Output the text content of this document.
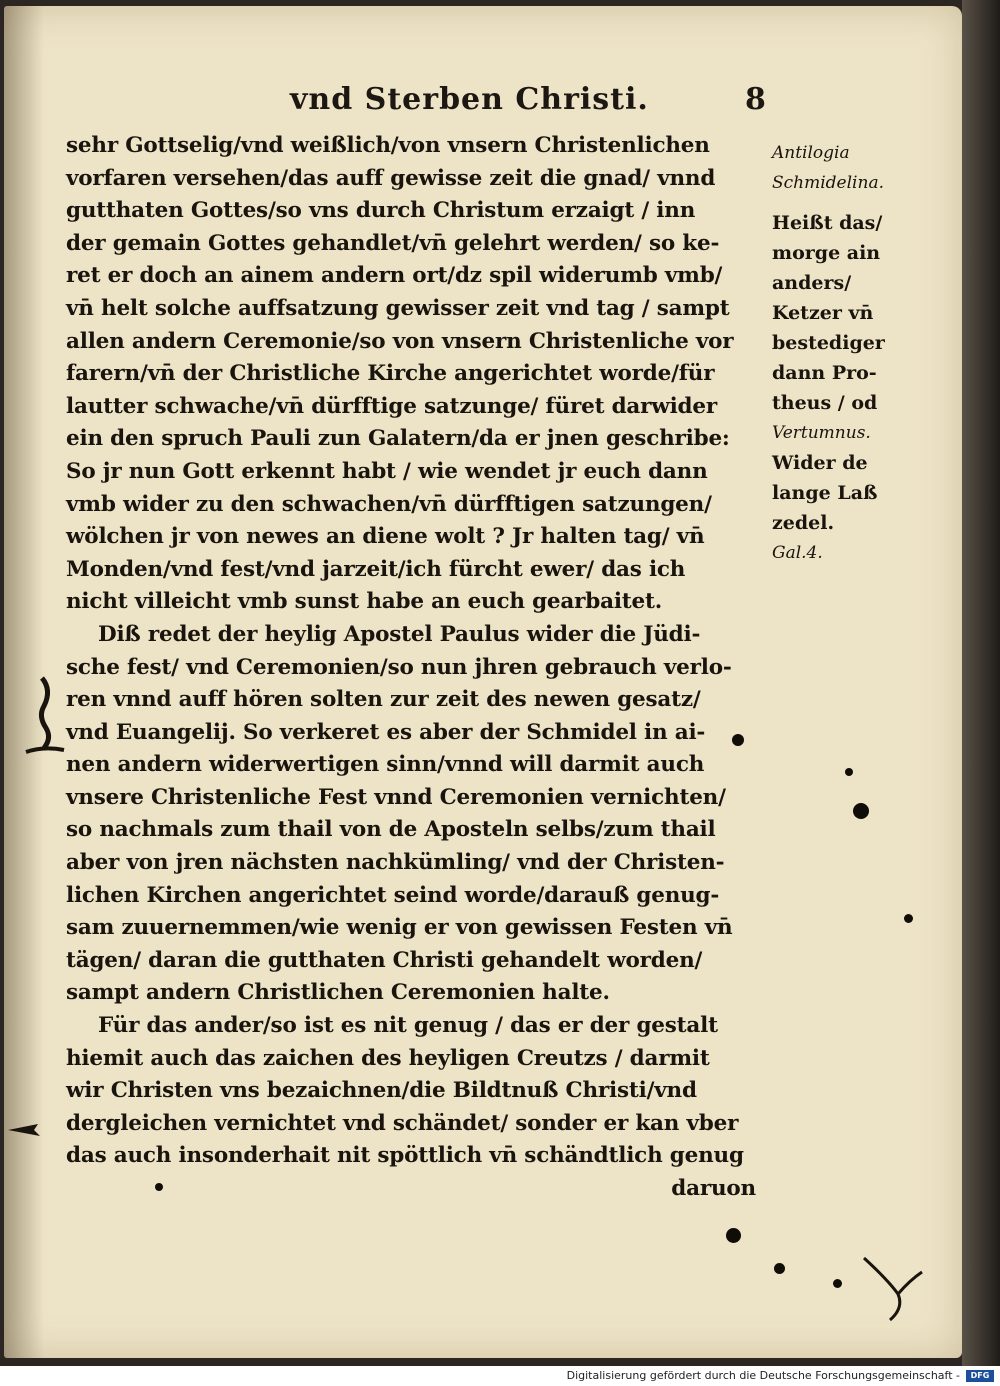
vnd Sterben Christi.	8
sehr Gottselig/vnd weißlich/von vnsern Christenlichen
vorfaren versehen/das auff gewisse zeit die gnad/ vnnd
gutthaten Gottes/so vns durch Christum erzaigt / inn
der gemain Gottes gehandlet/vn̄ gelehrt werden/ so ke-
ret er doch an ainem andern ort/dz spil widerumb vmb/
vn̄ helt solche auffsatzung gewisser zeit vnd tag / sampt
allen andern Ceremonie/so von vnsern Christenliche vor
farern/vn̄ der Christliche Kirche angerichtet worde/für
lautter schwache/vn̄ dürfftige satzunge/ füret darwider
ein den spruch Pauli zun Galatern/da er jnen geschribe:
So jr nun Gott erkennt habt / wie wendet jr euch dann
vmb wider zu den schwachen/vn̄ dürfftigen satzungen/
wölchen jr von newes an diene wolt ? Jr halten tag/ vn̄
Monden/vnd fest/vnd jarzeit/ich fürcht ewer/ das ich
nicht villeicht vmb sunst habe an euch gearbaitet.
Diß redet der heylig Apostel Paulus wider die Jüdi-
sche fest/ vnd Ceremonien/so nun jhren gebrauch verlo-
ren vnnd auff hören solten zur zeit des newen gesatz/
vnd Euangelij. So verkeret es aber der Schmidel in ai-
nen andern widerwertigen sinn/vnnd will darmit auch
vnsere Christenliche Fest vnnd Ceremonien vernichten/
so nachmals zum thail von de Aposteln selbs/zum thail
aber von jren nächsten nachkümling/ vnd der Christen-
lichen Kirchen angerichtet seind worde/darauß genug-
sam zuuernemmen/wie wenig er von gewissen Festen vn̄
tägen/ daran die gutthaten Christi gehandelt worden/
sampt andern Christlichen Ceremonien halte.
Für das ander/so ist es nit genug / das er der gestalt
hiemit auch das zaichen des heyligen Creutzs / darmit
wir Christen vns bezaichnen/die Bildtnuß Christi/vnd
dergleichen vernichtet vnd schändet/ sonder er kan vber
das auch insonderhait nit spöttlich vn̄ schändtlich genug
daruon
Antilogia
Schmidelina.
Heißt das/
morge ain
anders/
Ketzer vn̄
bestediger
dann Pro-
theus / od
Vertumnus.
Wider de
lange Laß
zedel.
Gal.4.
Digitalisierung gefördert durch die Deutsche Forschungsgemeinschaft -	DFG
